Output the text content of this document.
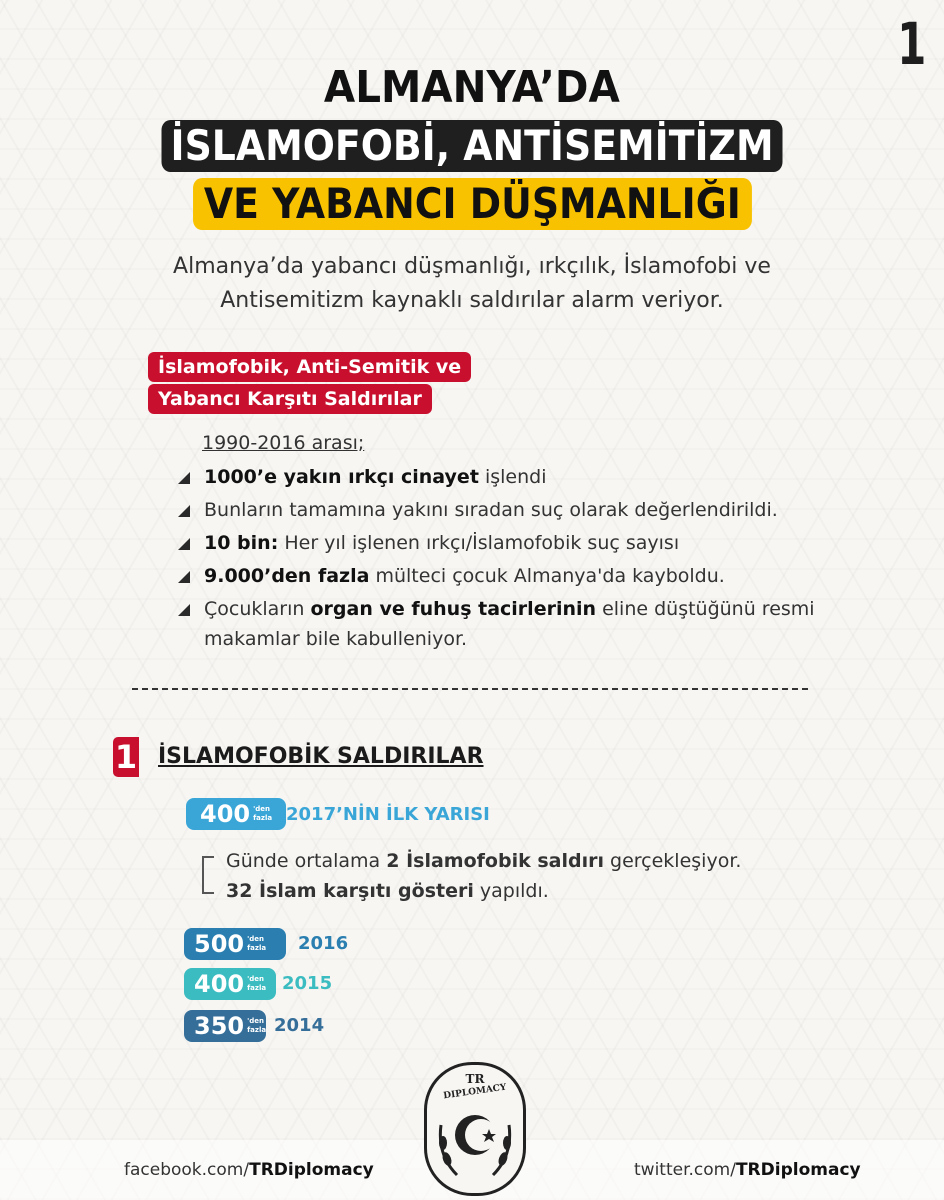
1
ALMANYA’DA
İSLAMOFOBİ, ANTİSEMİTİZM
VE YABANCI DÜŞMANLIĞI
Almanya’da yabancı düşmanlığı, ırkçılık, İslamofobi ve
Antisemitizm kaynaklı saldırılar alarm veriyor.
İslamofobik, Anti-Semitik ve
Yabancı Karşıtı Saldırılar
1990-2016 arası;
1000’e yakın ırkçı cinayet işlendi
Bunların tamamına yakını sıradan suç olarak değerlendirildi.
10 bin: Her yıl işlenen ırkçı/İslamofobik suç sayısı
9.000’den fazla mülteci çocuk Almanya'da kayboldu.
Çocukların organ ve fuhuş tacirlerinin eline düştüğünü resmi makamlar bile kabulleniyor.
1 İSLAMOFOBİK SALDIRILAR
400 'den
fazla 2017’NİN İLK YARISI
Günde ortalama 2 İslamofobik saldırı gerçekleşiyor.
32 İslam karşıtı gösteri yapıldı.
500 'den
fazla 2016
400 'den
fazla 2015
350 'den
fazla 2014
facebook.com/TRDiplomacy	twitter.com/TRDiplomacy
TR
DIPLOMACY
